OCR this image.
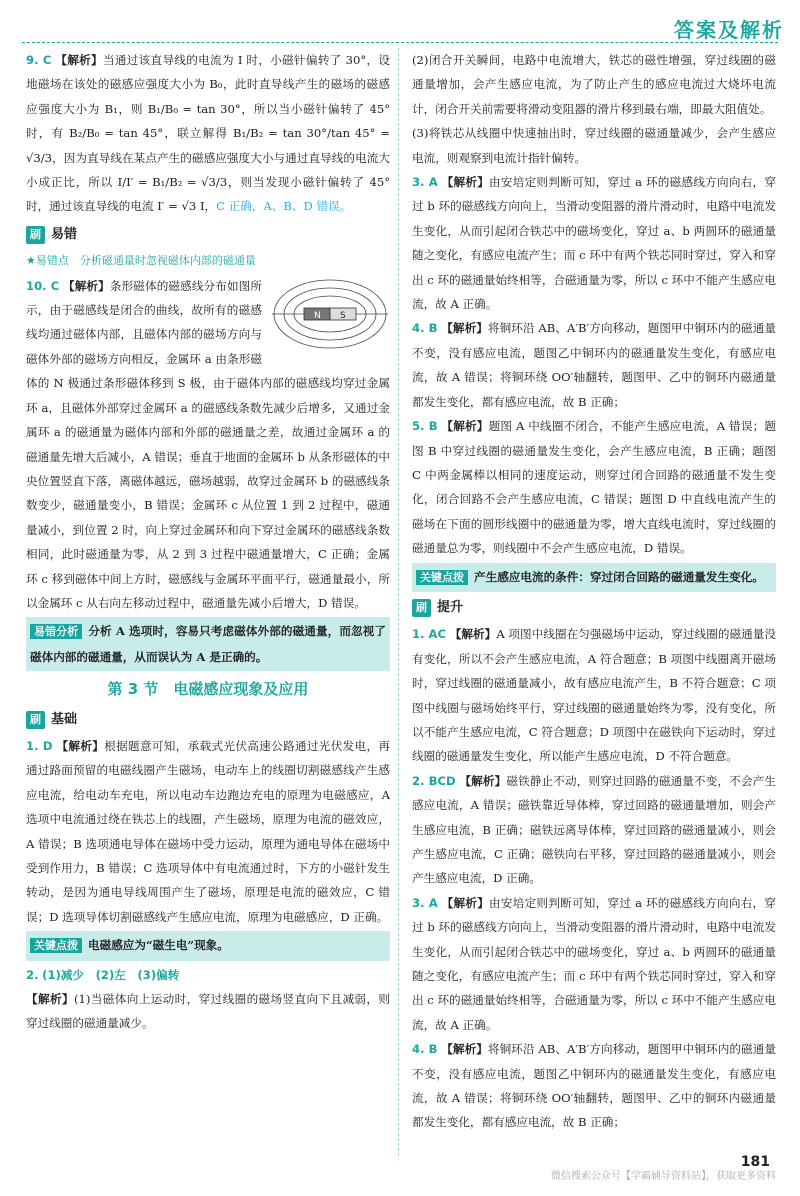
答案及解析

9. C 【解析】当通过该直导线的电流为 I 时，小磁针偏转了 30°，设地磁场在该处的磁感应强度大小为 B₀，此时直导线产生的磁场的磁感应强度大小为 B₁，则 B₁/B₀ = tan 30°，所以当小磁针偏转了 45°时，有 B₂/B₀ = tan 45°，联立解得 B₁/B₂ = tan 30°/tan 45° = √3/3，因为直导线在某点产生的磁感应强度大小与通过直导线的电流大小成正比，所以 I/I′ = B₁/B₂ = √3/3，则当发现小磁针偏转了 45°时，通过该直导线的电流 I′ = √3 I，C 正确，A、B、D 错误。

刷 易错
★易错点　分析磁通量时忽视磁体内部的磁通量

N S
10. C 【解析】条形磁体的磁感线分布如图所示，由于磁感线是闭合的曲线，故所有的磁感线均通过磁体内部，且磁体内部的磁场方向与磁体外部的磁场方向相反，金属环 a 由条形磁体的 N 极通过条形磁体移到 S 极，由于磁体内部的磁感线均穿过金属环 a，且磁体外部穿过金属环 a 的磁感线条数先减少后增多，又通过金属环 a 的磁通量为磁体内部和外部的磁通量之差，故通过金属环 a 的磁通量先增大后减小，A 错误；垂直于地面的金属环 b 从条形磁体的中央位置竖直下落，离磁体越远，磁场越弱，故穿过金属环 b 的磁感线条数变少，磁通量变小，B 错误；金属环 c 从位置 1 到 2 过程中，磁通量减小，到位置 2 时，向上穿过金属环和向下穿过金属环的磁感线条数相同，此时磁通量为零，从 2 到 3 过程中磁通量增大，C 正确；金属环 c 移到磁体中间上方时，磁感线与金属环平面平行，磁通量最小，所以金属环 c 从右向左移动过程中，磁通量先减小后增大，D 错误。

易错分析 分析 A 选项时，容易只考虑磁体外部的磁通量，而忽视了磁体内部的磁通量，从而误认为 A 是正确的。
第 3 节　电磁感应现象及应用
刷 基础

1. D 【解析】根据题意可知，承载式光伏高速公路通过光伏发电，再通过路面预留的电磁线圈产生磁场，电动车上的线圈切割磁感线产生感应电流，给电动车充电，所以电动车边跑边充电的原理为电磁感应，A 选项中电流通过绕在铁芯上的线圈，产生磁场，原理为电流的磁效应，A 错误；B 选项通电导体在磁场中受力运动，原理为通电导体在磁场中受到作用力，B 错误；C 选项导体中有电流通过时，下方的小磁针发生转动，是因为通电导线周围产生了磁场，原理是电流的磁效应，C 错误；D 选项导体切割磁感线产生感应电流，原理为电磁感应，D 正确。

关键点拨 电磁感应为“磁生电”现象。

2. (1)减少　(2)左　(3)偏转
【解析】(1)当磁体向上运动时，穿过线圈的磁场竖直向下且减弱，则穿过线圈的磁通量减少。

(2)闭合开关瞬间，电路中电流增大，铁芯的磁性增强，穿过线圈的磁通量增加，会产生感应电流，为了防止产生的感应电流过大烧坏电流计，闭合开关前需要将滑动变阻器的滑片移到最右端，即最大阻值处。
(3)将铁芯从线圈中快速抽出时，穿过线圈的磁通量减少，会产生感应电流，则观察到电流计指针偏转。

3. A 【解析】由安培定则判断可知，穿过 a 环的磁感线方向向右，穿过 b 环的磁感线方向向上，当滑动变阻器的滑片滑动时，电路中电流发生变化，从而引起闭合铁芯中的磁场变化，穿过 a、b 两圆环的磁通量随之变化，有感应电流产生；而 c 环中有两个铁芯同时穿过，穿入和穿出 c 环的磁通量始终相等，合磁通量为零，所以 c 环中不能产生感应电流，故 A 正确。

4. B 【解析】将铜环沿 AB、A′B′方向移动，题图甲中铜环内的磁通量不变，没有感应电流，题图乙中铜环内的磁通量发生变化，有感应电流，故 A 错误；将铜环绕 OO′轴翻转，题图甲、乙中的铜环内磁通量都发生变化，都有感应电流，故 B 正确；

5. B 【解析】题图 A 中线圈不闭合，不能产生感应电流，A 错误；题图 B 中穿过线圈的磁通量发生变化，会产生感应电流，B 正确；题图 C 中两金属棒以相同的速度运动，则穿过闭合回路的磁通量不发生变化，闭合回路不会产生感应电流，C 错误；题图 D 中直线电流产生的磁场在下面的圆形线圈中的磁通量为零，增大直线电流时，穿过线圈的磁通量总为零，则线圈中不会产生感应电流，D 错误。

关键点拨 产生感应电流的条件：穿过闭合回路的磁通量发生变化。
刷 提升

1. AC 【解析】A 项图中线圈在匀强磁场中运动，穿过线圈的磁通量没有变化，所以不会产生感应电流，A 符合题意；B 项图中线圈离开磁场时，穿过线圈的磁通量减小，故有感应电流产生，B 不符合题意；C 项图中线圈与磁场始终平行，穿过线圈的磁通量始终为零，没有变化，所以不能产生感应电流，C 符合题意；D 项图中在磁铁向下运动时，穿过线圈的磁通量发生变化，所以能产生感应电流，D 不符合题意。

2. BCD 【解析】磁铁静止不动，则穿过回路的磁通量不变，不会产生感应电流，A 错误；磁铁靠近导体棒，穿过回路的磁通量增加，则会产生感应电流，B 正确；磁铁远离导体棒，穿过回路的磁通量减小，则会产生感应电流，C 正确；磁铁向右平移，穿过回路的磁通量减小，则会产生感应电流，D 正确。

3. A 【解析】由安培定则判断可知，穿过 a 环的磁感线方向向右，穿过 b 环的磁感线方向向上，当滑动变阻器的滑片滑动时，电路中电流发生变化，从而引起闭合铁芯中的磁场变化，穿过 a、b 两圆环的磁通量随之变化，有感应电流产生；而 c 环中有两个铁芯同时穿过，穿入和穿出 c 环的磁通量始终相等，合磁通量为零，所以 c 环中不能产生感应电流，故 A 正确。

4. B 【解析】将铜环沿 AB、A′B′方向移动，题图甲中铜环内的磁通量不变，没有感应电流，题图乙中铜环内的磁通量发生变化，有感应电流，故 A 错误；将铜环绕 OO′轴翻转，题图甲、乙中的铜环内磁通量都发生变化，都有感应电流，故 B 正确；

181
微信搜索公众号【学霸辅导资料站】，获取更多资料
